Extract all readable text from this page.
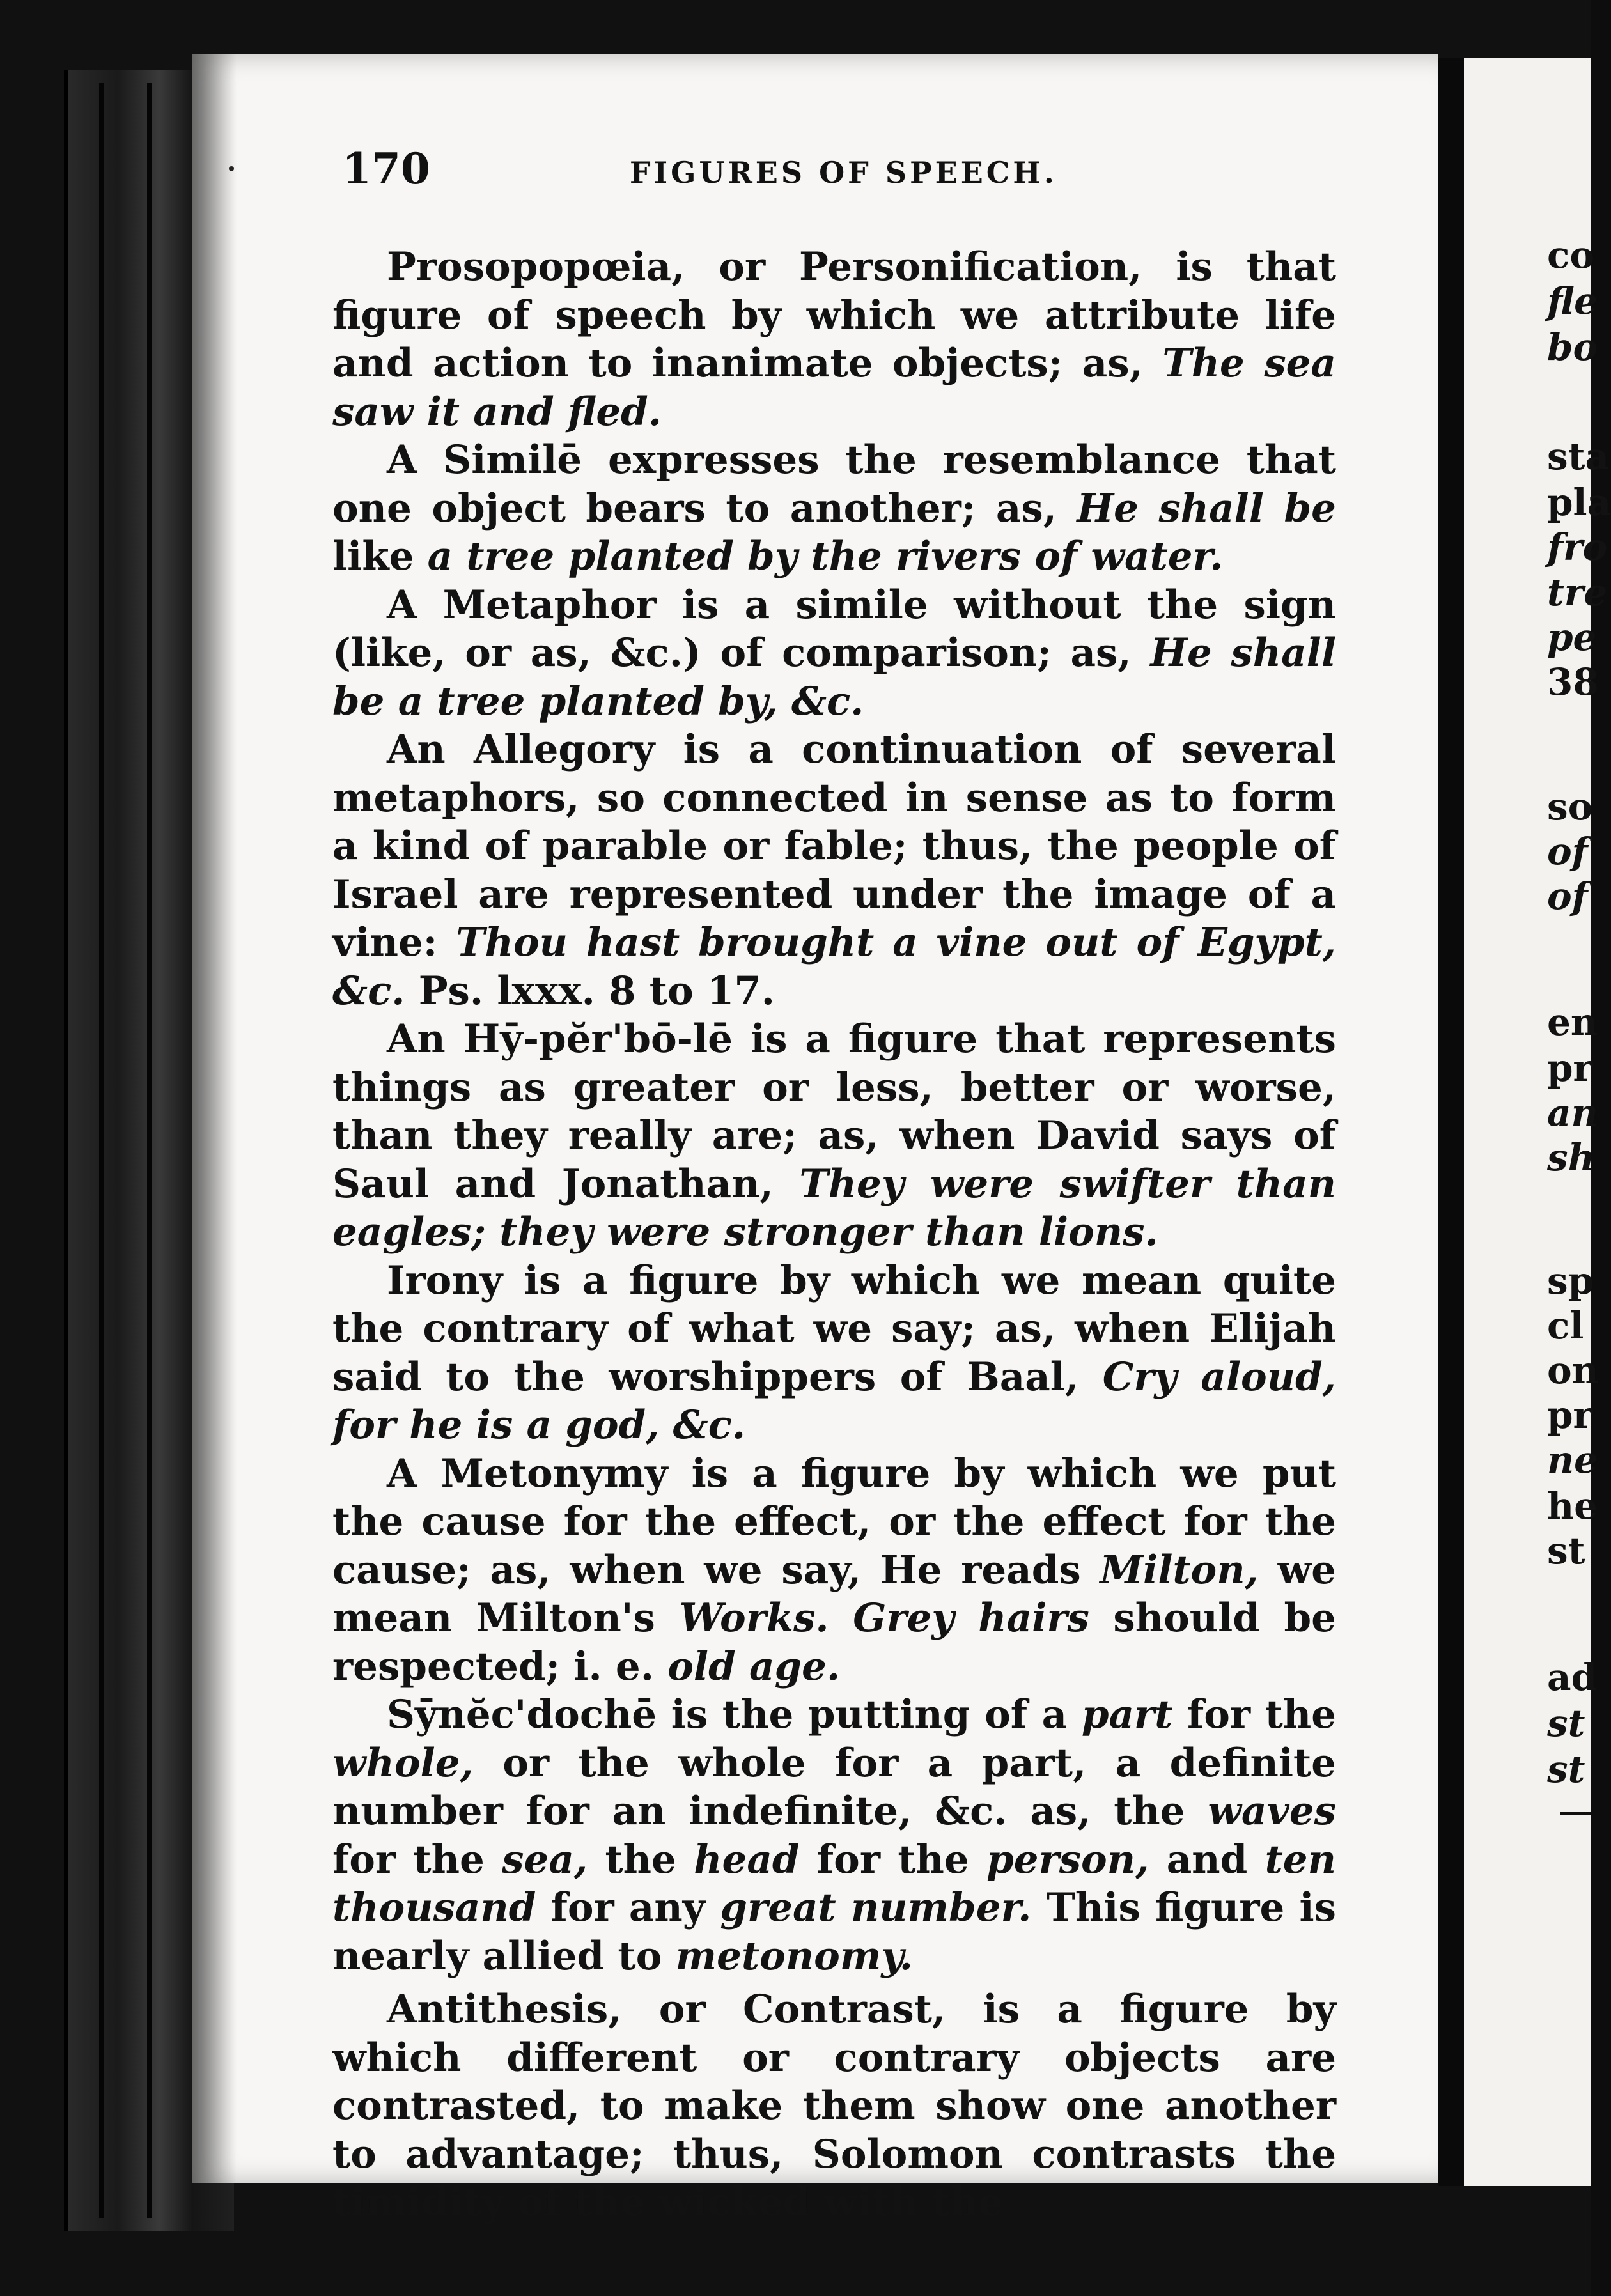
170	FIGURES OF SPEECH.

Prosopopœia, or Personification, is that figure of speech by which we attribute life and action to inanimate objects; as, The sea saw it and fled.

A Similē expresses the resemblance that one object bears to another; as, He shall be like a tree planted by the rivers of water.

A Metaphor is a simile without the sign (like, or as, &c.) of comparison; as, He shall be a tree planted by, &c.

An Allegory is a continuation of several metaphors, so connected in sense as to form a kind of parable or fable; thus, the people of Israel are represented under the image of a vine: Thou hast brought a vine out of Egypt, &c. Ps. lxxx. 8 to 17.

An Hȳ-pĕr'bō-lē is a figure that represents things as greater or less, better or worse, than they really are; as, when David says of Saul and Jonathan, They were swifter than eagles; they were stronger than lions.

Irony is a figure by which we mean quite the contrary of what we say; as, when Elijah said to the worshippers of Baal, Cry aloud, for he is a god, &c.

A Metonymy is a figure by which we put the cause for the effect, or the effect for the cause; as, when we say, He reads Milton, we mean Milton's Works. Grey hairs should be respected; i. e. old age.

Sȳnĕc'dochē is the putting of a part for the whole, or the whole for a part, a definite number for an indefinite, &c. as, the waves for the sea, the head for the person, and ten thousand for any great number. This figure is nearly allied to metonomy.

Antithesis, or Contrast, is a figure by which different or contrary objects are contrasted, to make them show one another to advantage; thus, Solomon contrasts the timidity of the wicked with the

co
fle
bo
sta
pla
fro
tre
pe
38
so
of
of
en
pr
an
sh
sp
cl
on
pr
ne
he
st
ad
st
st
